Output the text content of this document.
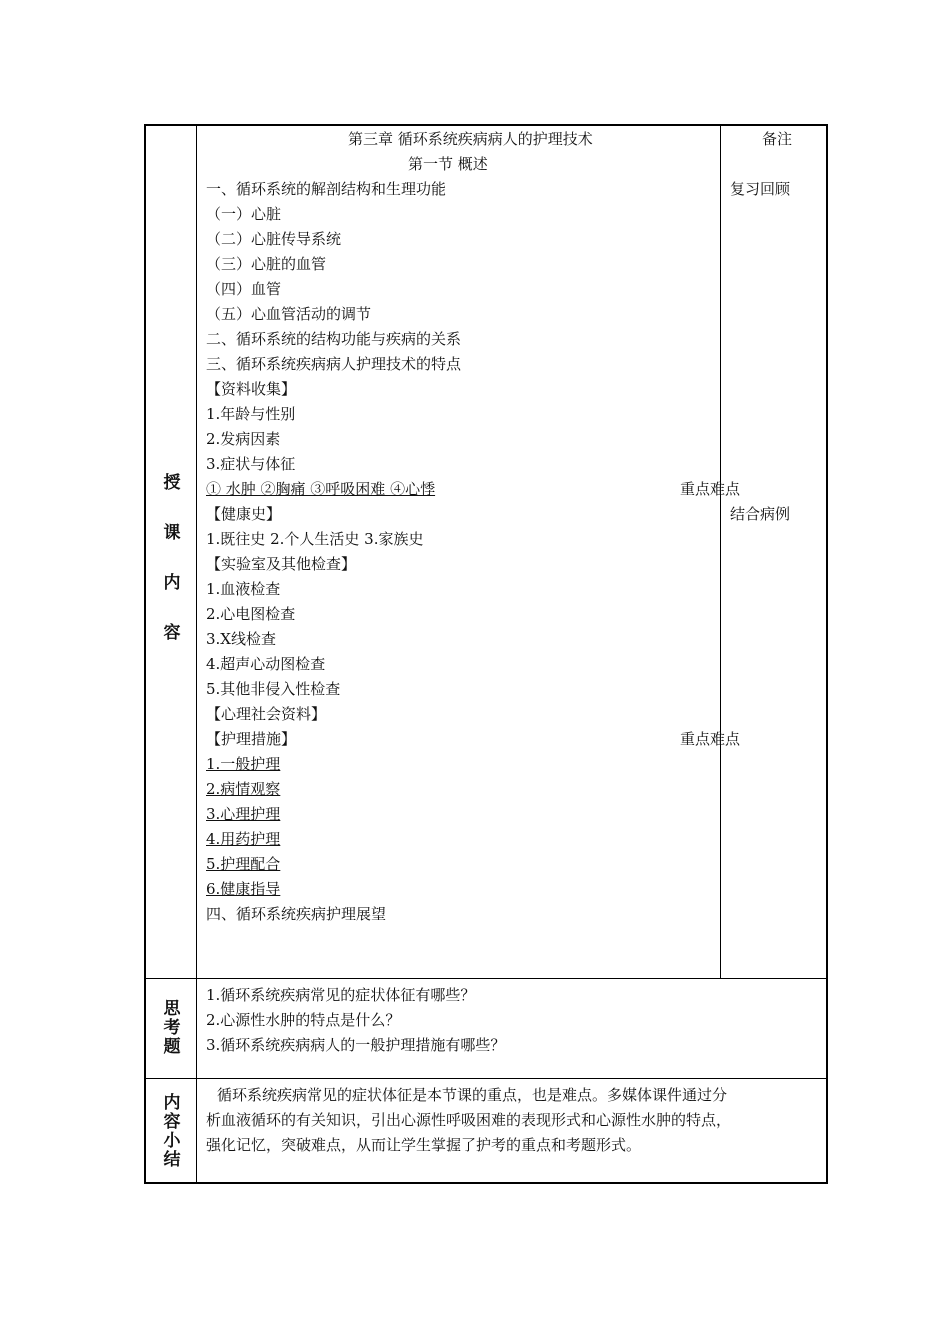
授
课
内
容
思
考
题
内
容
小
结
第三章 循环系统疾病病人的护理技术
第一节 概述
备注
一、循环系统的解剖结构和生理功能
（一）心脏
（二）心脏传导系统
（三）心脏的血管
（四）血管
（五）心血管活动的调节
二、循环系统的结构功能与疾病的关系
三、循环系统疾病病人护理技术的特点
【资料收集】
1.年龄与性别
2.发病因素
3.症状与体征
① 水肿 ②胸痛 ③呼吸困难 ④心悸
【健康史】
1.既往史 2.个人生活史 3.家族史
【实验室及其他检查】
1.血液检查
2.心电图检查
3.X线检查
4.超声心动图检查
5.其他非侵入性检查
【心理社会资料】
【护理措施】
1.一般护理
2.病情观察
3.心理护理
4.用药护理
5.护理配合
6.健康指导
四、循环系统疾病护理展望
复习回顾
重点难点
结合病例
重点难点
1.循环系统疾病常见的症状体征有哪些？
2.心源性水肿的特点是什么？
3.循环系统疾病病人的一般护理措施有哪些？
循环系统疾病常见的症状体征是本节课的重点，也是难点。多媒体课件通过分
析血液循环的有关知识，引出心源性呼吸困难的表现形式和心源性水肿的特点，
强化记忆，突破难点，从而让学生掌握了护考的重点和考题形式。
